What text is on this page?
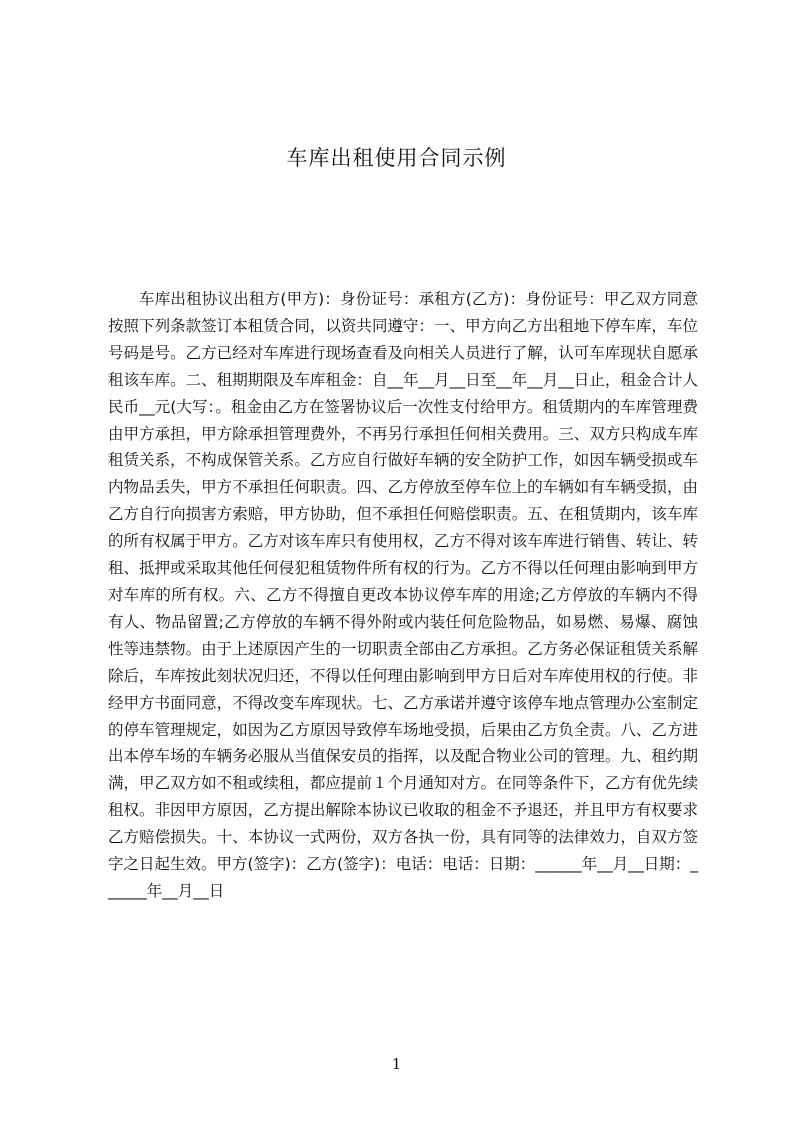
车库出租使用合同示例

车库出租协议出租方(甲方)：身份证号：承租方(乙方)：身份证号：甲乙双方同意按照下列条款签订本租赁合同，以资共同遵守：一、甲方向乙方出租地下停车库，车位号码是号。乙方已经对车库进行现场查看及向相关人员进行了解，认可车库现状自愿承租该车库。二、租期期限及车库租金：自__年__月__日至__年__月__日止，租金合计人民币__元(大写：。租金由乙方在签署协议后一次性支付给甲方。租赁期内的车库管理费由甲方承担，甲方除承担管理费外，不再另行承担任何相关费用。三、双方只构成车库租赁关系，不构成保管关系。乙方应自行做好车辆的安全防护工作，如因车辆受损或车内物品丢失，甲方不承担任何职责。四、乙方停放至停车位上的车辆如有车辆受损，由乙方自行向损害方索赔，甲方协助，但不承担任何赔偿职责。五、在租赁期内，该车库的所有权属于甲方。乙方对该车库只有使用权，乙方不得对该车库进行销售、转让、转租、抵押或采取其他任何侵犯租赁物件所有权的行为。乙方不得以任何理由影响到甲方对车库的所有权。六、乙方不得擅自更改本协议停车库的用途;乙方停放的车辆内不得有人、物品留置;乙方停放的车辆不得外附或内装任何危险物品，如易燃、易爆、腐蚀性等违禁物。由于上述原因产生的一切职责全部由乙方承担。乙方务必保证租赁关系解除后，车库按此刻状况归还，不得以任何理由影响到甲方日后对车库使用权的行使。非经甲方书面同意，不得改变车库现状。七、乙方承诺并遵守该停车地点管理办公室制定的停车管理规定，如因为乙方原因导致停车场地受损，后果由乙方负全责。八、乙方进出本停车场的车辆务必服从当值保安员的指挥，以及配合物业公司的管理。九、租约期满，甲乙双方如不租或续租，都应提前１个月通知对方。在同等条件下，乙方有优先续租权。非因甲方原因，乙方提出解除本协议已收取的租金不予退还，并且甲方有权要求乙方赔偿损失。十、本协议一式两份，双方各执一份，具有同等的法律效力，自双方签字之日起生效。甲方(签字)：乙方(签字)：电话：电话：日期：______年__月__日期：______年__月__日

1
